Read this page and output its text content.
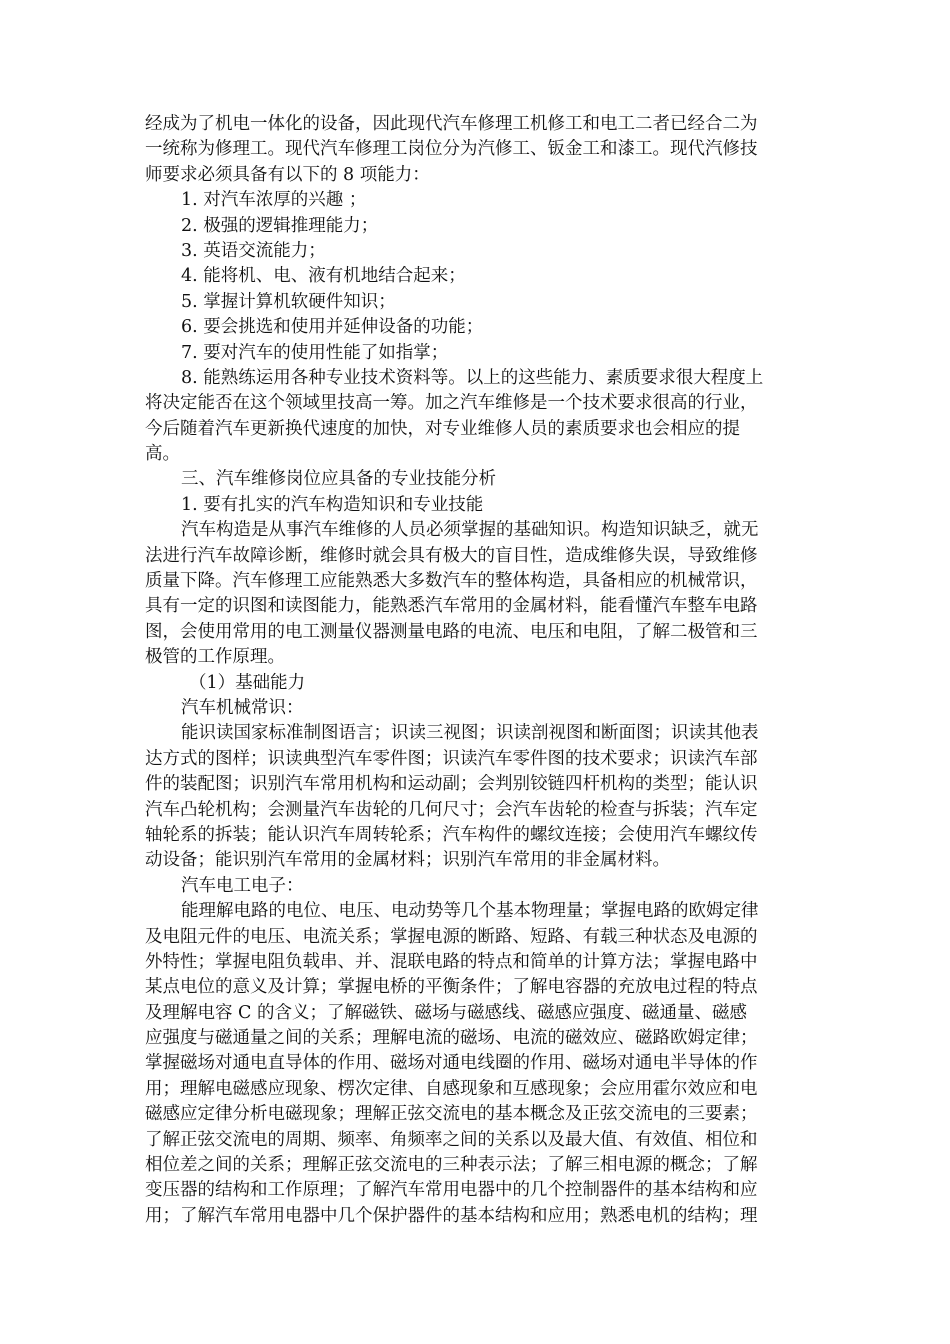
经成为了机电一体化的设备，因此现代汽车修理工机修工和电工二者已经合二为
一统称为修理工。现代汽车修理工岗位分为汽修工、钣金工和漆工。现代汽修技
师要求必须具备有以下的 8 项能力：
1. 对汽车浓厚的兴趣 ；
2. 极强的逻辑推理能力；
3. 英语交流能力；
4. 能将机、电、液有机地结合起来；
5. 掌握计算机软硬件知识；
6. 要会挑选和使用并延伸设备的功能；
7. 要对汽车的使用性能了如指掌；
8. 能熟练运用各种专业技术资料等。以上的这些能力、素质要求很大程度上
将决定能否在这个领域里技高一筹。加之汽车维修是一个技术要求很高的行业，
今后随着汽车更新换代速度的加快，对专业维修人员的素质要求也会相应的提
高。
三、汽车维修岗位应具备的专业技能分析
1. 要有扎实的汽车构造知识和专业技能
汽车构造是从事汽车维修的人员必须掌握的基础知识。构造知识缺乏，就无
法进行汽车故障诊断，维修时就会具有极大的盲目性，造成维修失误，导致维修
质量下降。汽车修理工应能熟悉大多数汽车的整体构造，具备相应的机械常识，
具有一定的识图和读图能力，能熟悉汽车常用的金属材料，能看懂汽车整车电路
图，会使用常用的电工测量仪器测量电路的电流、电压和电阻，了解二极管和三
极管的工作原理。
（1）基础能力
汽车机械常识：
能识读国家标准制图语言；识读三视图；识读剖视图和断面图；识读其他表
达方式的图样；识读典型汽车零件图；识读汽车零件图的技术要求；识读汽车部
件的装配图；识别汽车常用机构和运动副；会判别铰链四杆机构的类型；能认识
汽车凸轮机构；会测量汽车齿轮的几何尺寸；会汽车齿轮的检查与拆装；汽车定
轴轮系的拆装；能认识汽车周转轮系；汽车构件的螺纹连接；会使用汽车螺纹传
动设备；能识别汽车常用的金属材料；识别汽车常用的非金属材料。
汽车电工电子：
能理解电路的电位、电压、电动势等几个基本物理量；掌握电路的欧姆定律
及电阻元件的电压、电流关系；掌握电源的断路、短路、有载三种状态及电源的
外特性；掌握电阻负载串、并、混联电路的特点和简单的计算方法；掌握电路中
某点电位的意义及计算；掌握电桥的平衡条件；了解电容器的充放电过程的特点
及理解电容 C 的含义；了解磁铁、磁场与磁感线、磁感应强度、磁通量、磁感
应强度与磁通量之间的关系；理解电流的磁场、电流的磁效应、磁路欧姆定律；
掌握磁场对通电直导体的作用、磁场对通电线圈的作用、磁场对通电半导体的作
用；理解电磁感应现象、楞次定律、自感现象和互感现象；会应用霍尔效应和电
磁感应定律分析电磁现象；理解正弦交流电的基本概念及正弦交流电的三要素；
了解正弦交流电的周期、频率、角频率之间的关系以及最大值、有效值、相位和
相位差之间的关系；理解正弦交流电的三种表示法；了解三相电源的概念；了解
变压器的结构和工作原理；了解汽车常用电器中的几个控制器件的基本结构和应
用；了解汽车常用电器中几个保护器件的基本结构和应用；熟悉电机的结构；理
